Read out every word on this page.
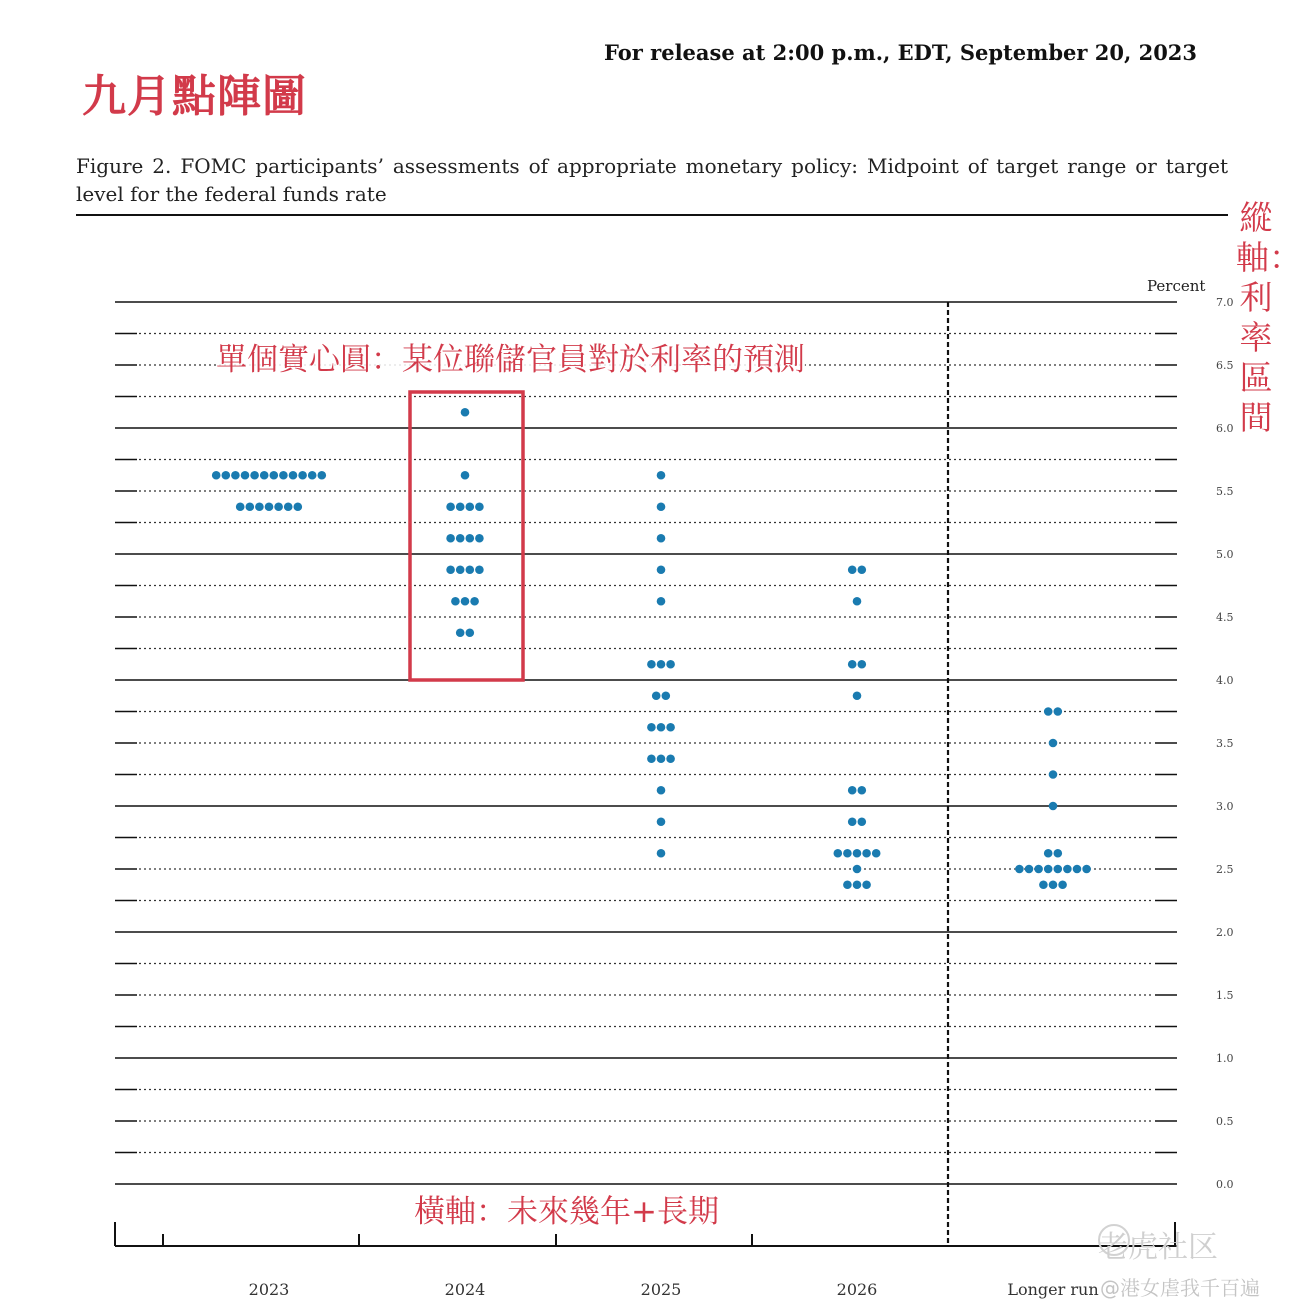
For release at 2:00 p.m., EDT, September 20, 2023
九月點陣圖
Figure 2. FOMC participants’ assessments of appropriate monetary policy: Midpoint of target range or target level for the federal funds rate
縱軸：利率區間
0.0
0.5
1.0
1.5
2.0
2.5
3.0
3.5
4.0
4.5
5.0
5.5
6.0
6.5
7.0
Percent
2023	2024	2025	2026	Longer run
單個實心圓：某位聯儲官員對於利率的預測
橫軸：未來幾年+長期
老虎社区
@港女虐我千百遍
